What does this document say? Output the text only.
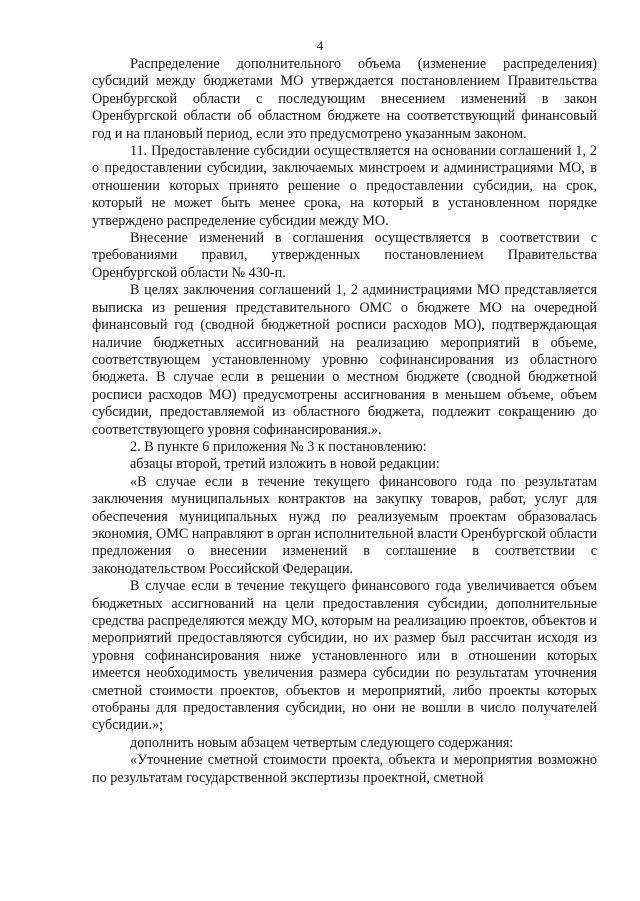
4

Распределение дополнительного объема (изменение распределения) субсидий между бюджетами МО утверждается постановлением Правительства Оренбургской области с последующим внесением изменений в закон Оренбургской области об областном бюджете на соответствующий финансовый год и на плановый период, если это предусмотрено указанным законом.

11. Предоставление субсидии осуществляется на основании соглашений 1, 2 о предоставлении субсидии, заключаемых минстроем и администрациями МО, в отношении которых принято решение о предоставлении субсидии, на срок, который не может быть менее срока, на который в установленном порядке утверждено распределение субсидии между МО.

Внесение изменений в соглашения осуществляется в соответствии с требованиями правил, утвержденных постановлением Правительства Оренбургской области № 430-п.

В целях заключения соглашений 1, 2 администрациями МО представляется выписка из решения представительного ОМС о бюджете МО на очередной финансовый год (сводной бюджетной росписи расходов МО), подтверждающая наличие бюджетных ассигнований на реализацию мероприятий в объеме, соответствующем установленному уровню софинансирования из областного бюджета. В случае если в решении о местном бюджете (сводной бюджетной росписи расходов МО) предусмотрены ассигнования в меньшем объеме, объем субсидии, предоставляемой из областного бюджета, подлежит сокращению до соответствующего уровня софинансирования.».

2. В пункте 6 приложения № 3 к постановлению:

абзацы второй, третий изложить в новой редакции:

«В случае если в течение текущего финансового года по результатам заключения муниципальных контрактов на закупку товаров, работ, услуг для обеспечения муниципальных нужд по реализуемым проектам образовалась экономия, ОМС направляют в орган исполнительной власти Оренбургской области предложения о внесении изменений в соглашение в соответствии с законодательством Российской Федерации.

В случае если в течение текущего финансового года увеличивается объем бюджетных ассигнований на цели предоставления субсидии, дополнительные средства распределяются между МО, которым на реализацию проектов, объектов и мероприятий предоставляются субсидии, но их размер был рассчитан исходя из уровня софинансирования ниже установленного или в отношении которых имеется необходимость увеличения размера субсидии по результатам уточнения сметной стоимости проектов, объектов и мероприятий, либо проекты которых отобраны для предоставления субсидии, но они не вошли в число получателей субсидии.»;

дополнить новым абзацем четвертым следующего содержания:

«Уточнение сметной стоимости проекта, объекта и мероприятия возможно по результатам государственной экспертизы проектной, сметной
